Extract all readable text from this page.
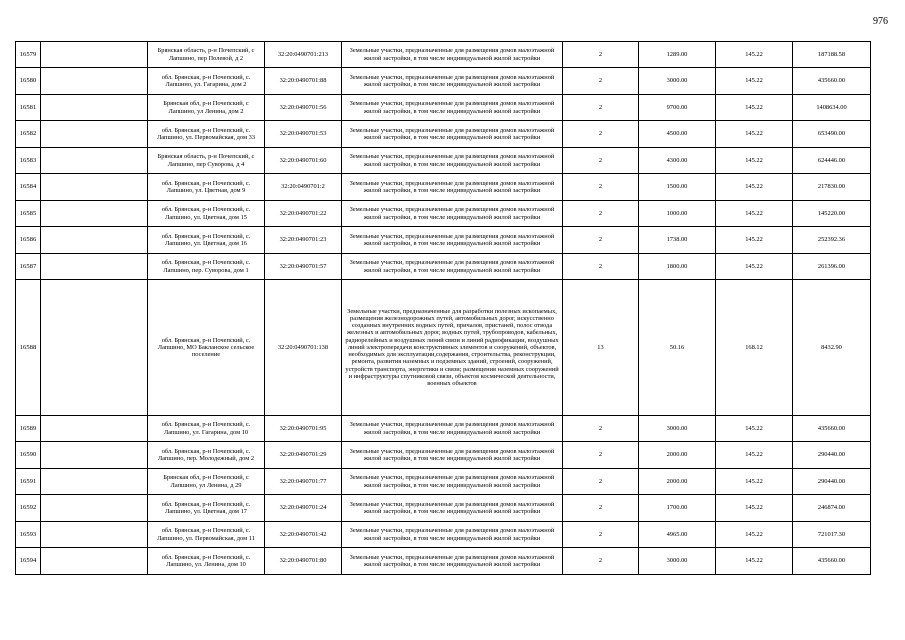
976
16579		Брянская область, р-н Почепский, с Лапшино, пер Полевой, д 2	32:20:0490701:213	Земельные участки, предназначенные для размещения домов малоэтажной жилой застройки, в том числе индивидуальной жилой застройки	2	1289.00	145.22	187188.58
16580		обл. Брянская, р-н Почепский, с. Лапшино, ул. Гагарина, дом 2	32:20:0490701:88	Земельные участки, предназначенные для размещения домов малоэтажной жилой застройки, в том числе индивидуальной жилой застройки	2	3000.00	145.22	435660.00
16581		Брянская обл, р-н Почепский, с Лапшино, ул Ленина, дом 2	32:20:0490701:56	Земельные участки, предназначенные для размещения домов малоэтажной жилой застройки, в том числе индивидуальной жилой застройки	2	9700.00	145.22	1408634.00
16582		обл. Брянская, р-н Почепский, с. Лапшино, ул. Первомайская, дом 33	32:20:0490701:53	Земельные участки, предназначенные для размещения домов малоэтажной жилой застройки, в том числе индивидуальной жилой застройки	2	4500.00	145.22	653490.00
16583		Брянская область, р-н Почепский, с Лапшино, пер Суворова, д 4	32:20:0490701:60	Земельные участки, предназначенные для размещения домов малоэтажной жилой застройки, в том числе индивидуальной жилой застройки	2	4300.00	145.22	624446.00
16584		обл. Брянская, р-н Почепский, с. Лапшино, ул. Цветная, дом 9	32:20:0490701:2	Земельные участки, предназначенные для размещения домов малоэтажной жилой застройки, в том числе индивидуальной жилой застройки	2	1500.00	145.22	217830.00
16585		обл. Брянская, р-н Почепский, с. Лапшино, ул. Цветная, дом 15	32:20:0490701:22	Земельные участки, предназначенные для размещения домов малоэтажной жилой застройки, в том числе индивидуальной жилой застройки	2	1000.00	145.22	145220.00
16586		обл. Брянская, р-н Почепский, с. Лапшино, ул. Цветная, дом 16	32:20:0490701:23	Земельные участки, предназначенные для размещения домов малоэтажной жилой застройки, в том числе индивидуальной жилой застройки	2	1738.00	145.22	252392.36
16587		обл. Брянская, р-н Почепский, с. Лапшино, пер. Суворова, дом 1	32:20:0490701:57	Земельные участки, предназначенные для размещения домов малоэтажной жилой застройки, в том числе индивидуальной жилой застройки	2	1800.00	145.22	261396.00
16588		обл. Брянская, р-н Почепский, с. Лапшино, МО Бакланское сельское поселение	32:20:0490701:138	Земельные участки, предназначенные для разработки полезных ископаемых, размещения железнодорожных путей, автомобильных дорог, искусственно созданных внутренних водных путей, причалов, пристаней, полос отвода железных и автомобильных дорог, водных путей, трубопроводов, кабельных, радиорелейных и воздушных линий связи и линий радиофикации, воздушных линий электропередачи конструктивных элементов и сооружений, объектов, необходимых для эксплуатации,содержания, строительства, реконструкции, ремонта, развития наземных и подземных зданий, строений, сооружений, устройств транспорта, энергетики и связи; размещения наземных сооружений и инфраструктуры спутниковой связи, объектов космической деятельности, военных объектов	13	50.16	168.12	8432.90
16589		обл. Брянская, р-н Почепский, с. Лапшино, ул. Гагарина, дом 10	32:20:0490701:95	Земельные участки, предназначенные для размещения домов малоэтажной жилой застройки, в том числе индивидуальной жилой застройки	2	3000.00	145.22	435660.00
16590		обл. Брянская, р-н Почепский, с. Лапшино, пер. Молодежный, дом 2	32:20:0490701:29	Земельные участки, предназначенные для размещения домов малоэтажной жилой застройки, в том числе индивидуальной жилой застройки	2	2000.00	145.22	290440.00
16591		Брянская обл, р-н Почепский, с Лапшино, ул Ленина, д 29	32:20:0490701:77	Земельные участки, предназначенные для размещения домов малоэтажной жилой застройки, в том числе индивидуальной жилой застройки	2	2000.00	145.22	290440.00
16592		обл. Брянская, р-н Почепский, с. Лапшино, ул. Цветная, дом 17	32:20:0490701:24	Земельные участки, предназначенные для размещения домов малоэтажной жилой застройки, в том числе индивидуальной жилой застройки	2	1700.00	145.22	246874.00
16593		обл. Брянская, р-н Почепский, с. Лапшино, ул. Первомайская, дом 11	32:20:0490701:42	Земельные участки, предназначенные для размещения домов малоэтажной жилой застройки, в том числе индивидуальной жилой застройки	2	4965.00	145.22	721017.30
16594		обл. Брянская, р-н Почепский, с. Лапшино, ул. Ленина, дом 10	32:20:0490701:80	Земельные участки, предназначенные для размещения домов малоэтажной жилой застройки, в том числе индивидуальной жилой застройки	2	3000.00	145.22	435660.00
